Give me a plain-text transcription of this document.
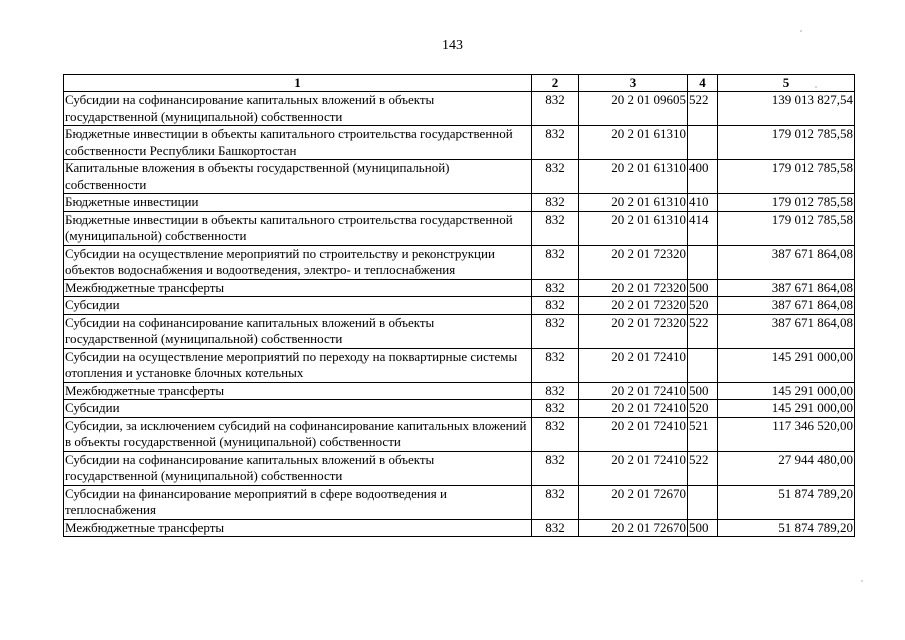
143
1	2	3	4	5
Субсидии на софинансирование капитальных вложений в объекты государственной (муниципальной) собственности	832	20 2 01 09605	522	139 013 827,54
Бюджетные инвестиции в объекты капитального строительства государственной собственности Республики Башкортостан	832	20 2 01 61310		179 012 785,58
Капитальные вложения в объекты государственной (муниципальной) собственности	832	20 2 01 61310	400	179 012 785,58
Бюджетные инвестиции	832	20 2 01 61310	410	179 012 785,58
Бюджетные инвестиции в объекты капитального строительства государственной (муниципальной) собственности	832	20 2 01 61310	414	179 012 785,58
Субсидии на осуществление мероприятий по строительству и реконструкции объектов водоснабжения и водоотведения, электро- и теплоснабжения	832	20 2 01 72320		387 671 864,08
Межбюджетные трансферты	832	20 2 01 72320	500	387 671 864,08
Субсидии	832	20 2 01 72320	520	387 671 864,08
Субсидии на софинансирование капитальных вложений в объекты государственной (муниципальной) собственности	832	20 2 01 72320	522	387 671 864,08
Субсидии на осуществление мероприятий по переходу на поквартирные системы отопления и установке блочных котельных	832	20 2 01 72410		145 291 000,00
Межбюджетные трансферты	832	20 2 01 72410	500	145 291 000,00
Субсидии	832	20 2 01 72410	520	145 291 000,00
Субсидии, за исключением субсидий на софинансирование капитальных вложений в объекты государственной (муниципальной) собственности	832	20 2 01 72410	521	117 346 520,00
Субсидии на софинансирование капитальных вложений в объекты государственной (муниципальной) собственности	832	20 2 01 72410	522	27 944 480,00
Субсидии на финансирование мероприятий в сфере водоотведения и теплоснабжения	832	20 2 01 72670		51 874 789,20
Межбюджетные трансферты	832	20 2 01 72670	500	51 874 789,20
